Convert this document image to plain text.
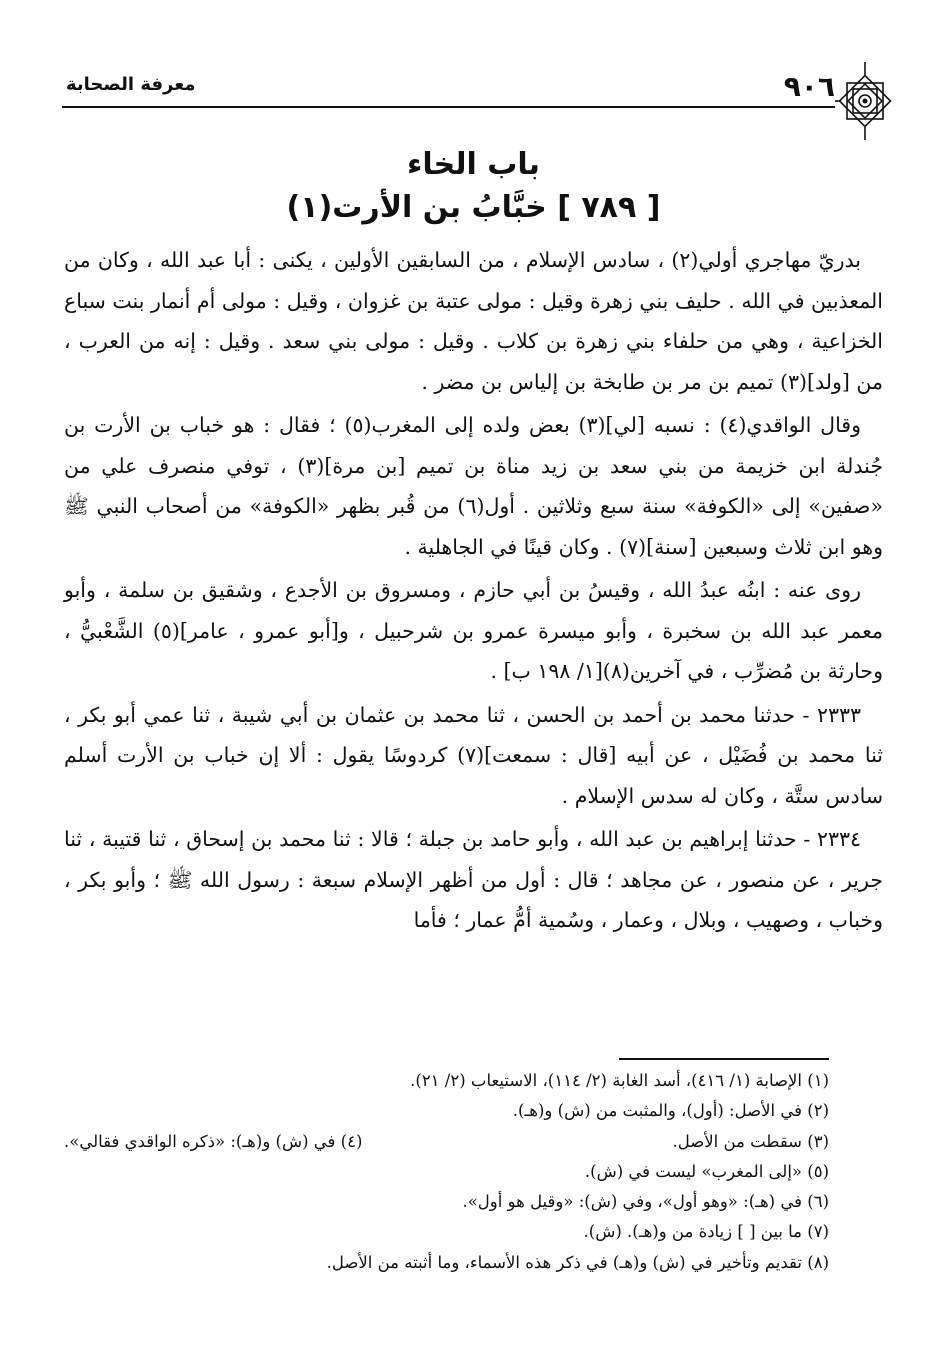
٩٠٦
معرفة الصحابة
باب الخاء
[ ٧٨٩ ] خبَّابُ بن الأرت(١)

بدريّ مهاجري أولي(٢) ، سادس الإسلام ، من السابقين الأولين ، يكنى : أبا عبد الله ، وكان من المعذبين في الله . حليف بني زهرة وقيل : مولى عتبة بن غزوان ، وقيل : مولى أم أنمار بنت سباع الخزاعية ، وهي من حلفاء بني زهرة بن كلاب . وقيل : مولى بني سعد . وقيل : إنه من العرب ، من [ولد](٣) تميم بن مر بن طابخة بن إلياس بن مضر .

وقال الواقدي(٤) : نسبه [لي](٣) بعض ولده إلى المغرب(٥) ؛ فقال : هو خباب بن الأرت بن جُندلة ابن خزيمة من بني سعد بن زيد مناة بن تميم [بن مرة](٣) ، توفي منصرف علي من «صفين» إلى «الكوفة» سنة سبع وثلاثين . أول(٦) من قُبر بظهر «الكوفة» من أصحاب النبي ﷺ وهو ابن ثلاث وسبعين [سنة](٧) . وكان قينًا في الجاهلية .

روى عنه : ابنُه عبدُ الله ، وقيسُ بن أبي حازم ، ومسروق بن الأجدع ، وشقيق بن سلمة ، وأبو معمر عبد الله بن سخبرة ، وأبو ميسرة عمرو بن شرحبيل ، و[أبو عمرو ، عامر](٥) الشَّعْبيُّ ، وحارثة بن مُضرِّب ، في آخرين(٨)[١/ ١٩٨ ب] .

٢٣٣٣ - حدثنا محمد بن أحمد بن الحسن ، ثنا محمد بن عثمان بن أبي شيبة ، ثنا عمي أبو بكر ، ثنا محمد بن فُضَيْل ، عن أبيه [قال : سمعت](٧) كردوسًا يقول : ألا إن خباب بن الأرت أسلم سادس ستَّة ، وكان له سدس الإسلام .

٢٣٣٤ - حدثنا إبراهيم بن عبد الله ، وأبو حامد بن جبلة ؛ قالا : ثنا محمد بن إسحاق ، ثنا قتيبة ، ثنا جرير ، عن منصور ، عن مجاهد ؛ قال : أول من أظهر الإسلام سبعة : رسول الله ﷺ ؛ وأبو بكر ، وخباب ، وصهيب ، وبلال ، وعمار ، وسُمية أمُّ عمار ؛ فأما

(١) الإصابة (١/ ٤١٦)، أسد الغابة (٢/ ١١٤)، الاستيعاب (٢/ ٢١).
(٢) في الأصل: (أول)، والمثبت من (ش) و(هـ).
(٣) سقطت من الأصل.
(٤) في (ش) و(هـ): «ذكره الواقدي فقالي».
(٥) «إلى المغرب» ليست في (ش).
(٦) في (هـ): «وهو أول»، وفي (ش): «وقيل هو أول».
(٧) ما بين [ ] زيادة من و(هـ). (ش).
(٨) تقديم وتأخير في (ش) و(هـ) في ذكر هذه الأسماء، وما أثبته من الأصل.
